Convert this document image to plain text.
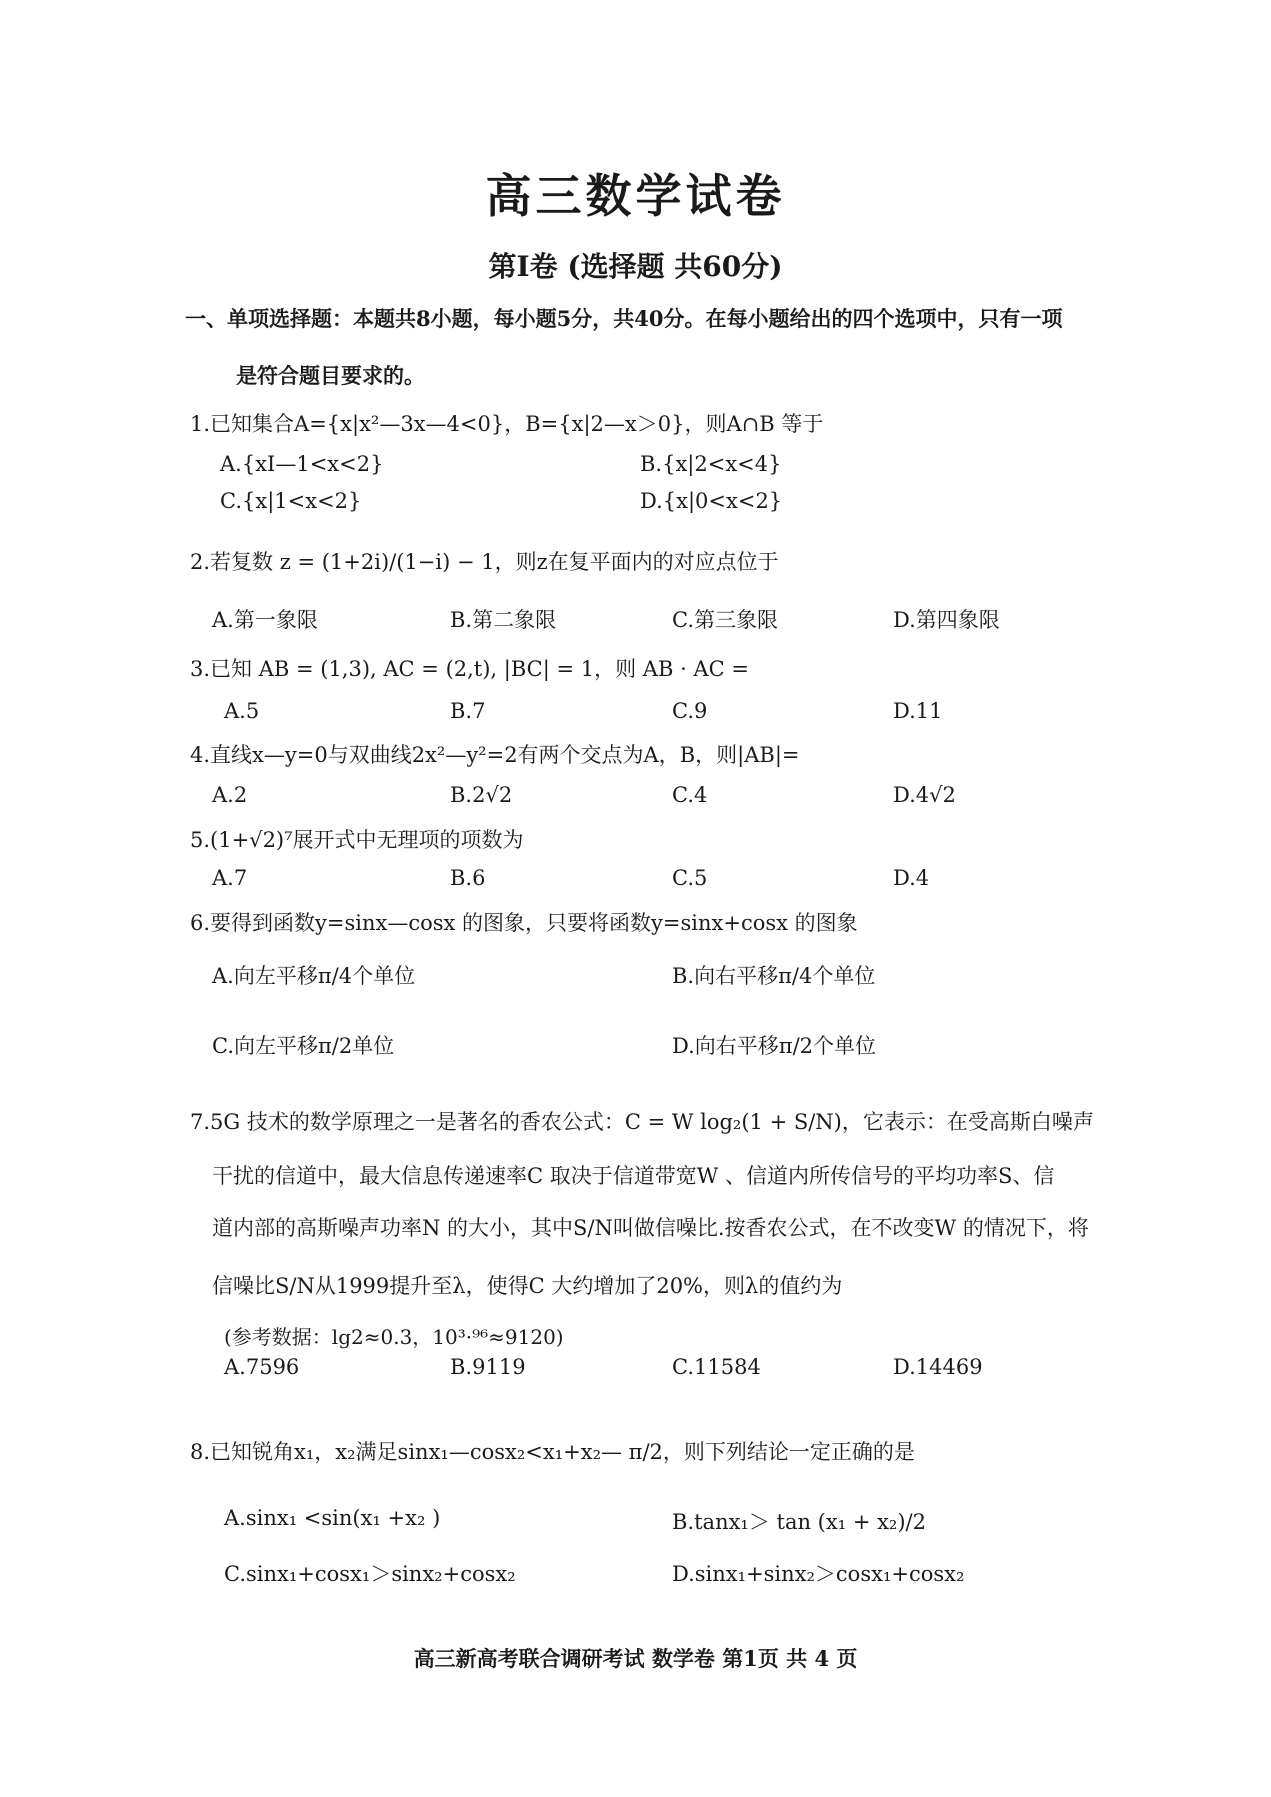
高三数学试卷
第Ⅰ卷 (选择题 共60分)
一、单项选择题：本题共8小题，每小题5分，共40分。在每小题给出的四个选项中，只有一项
是符合题目要求的。
1.已知集合A={x|x²—3x—4<0}，B={x|2—x＞0}，则A∩B 等于
A.{xI—1<x<2}	B.{x|2<x<4}
C.{x|1<x<2}	D.{x|0<x<2}
2.若复数 z = (1+2i)/(1−i) − 1，则z在复平面内的对应点位于
A.第一象限	B.第二象限	C.第三象限	D.第四象限
3.已知 AB = (1,3), AC = (2,t), |BC| = 1，则 AB · AC =
A.5	B.7	C.9	D.11
4.直线x—y=0与双曲线2x²—y²=2有两个交点为A，B，则|AB|=
A.2	B.2√2	C.4	D.4√2
5.(1+√2)⁷展开式中无理项的项数为
A.7	B.6	C.5	D.4
6.要得到函数y=sinx—cosx 的图象，只要将函数y=sinx+cosx 的图象
A.向左平移π/4个单位	B.向右平移π/4个单位
C.向左平移π/2单位	D.向右平移π/2个单位
7.5G 技术的数学原理之一是著名的香农公式：C = W log₂(1 + S/N)，它表示：在受高斯白噪声
干扰的信道中，最大信息传递速率C 取决于信道带宽W 、信道内所传信号的平均功率S、信
道内部的高斯噪声功率N 的大小，其中S/N叫做信噪比.按香农公式，在不改变W 的情况下，将
信噪比S/N从1999提升至λ，使得C 大约增加了20%，则λ的值约为
(参考数据：lg2≈0.3，10³·⁹⁶≈9120)
A.7596	B.9119	C.11584	D.14469
8.已知锐角x₁，x₂满足sinx₁—cosx₂<x₁+x₂— π/2，则下列结论一定正确的是
A.sinx₁ <sin(x₁ +x₂ )	B.tanx₁＞ tan (x₁ + x₂)/2
C.sinx₁+cosx₁＞sinx₂+cosx₂	D.sinx₁+sinx₂＞cosx₁+cosx₂
高三新高考联合调研考试 数学卷 第1页 共 4 页
